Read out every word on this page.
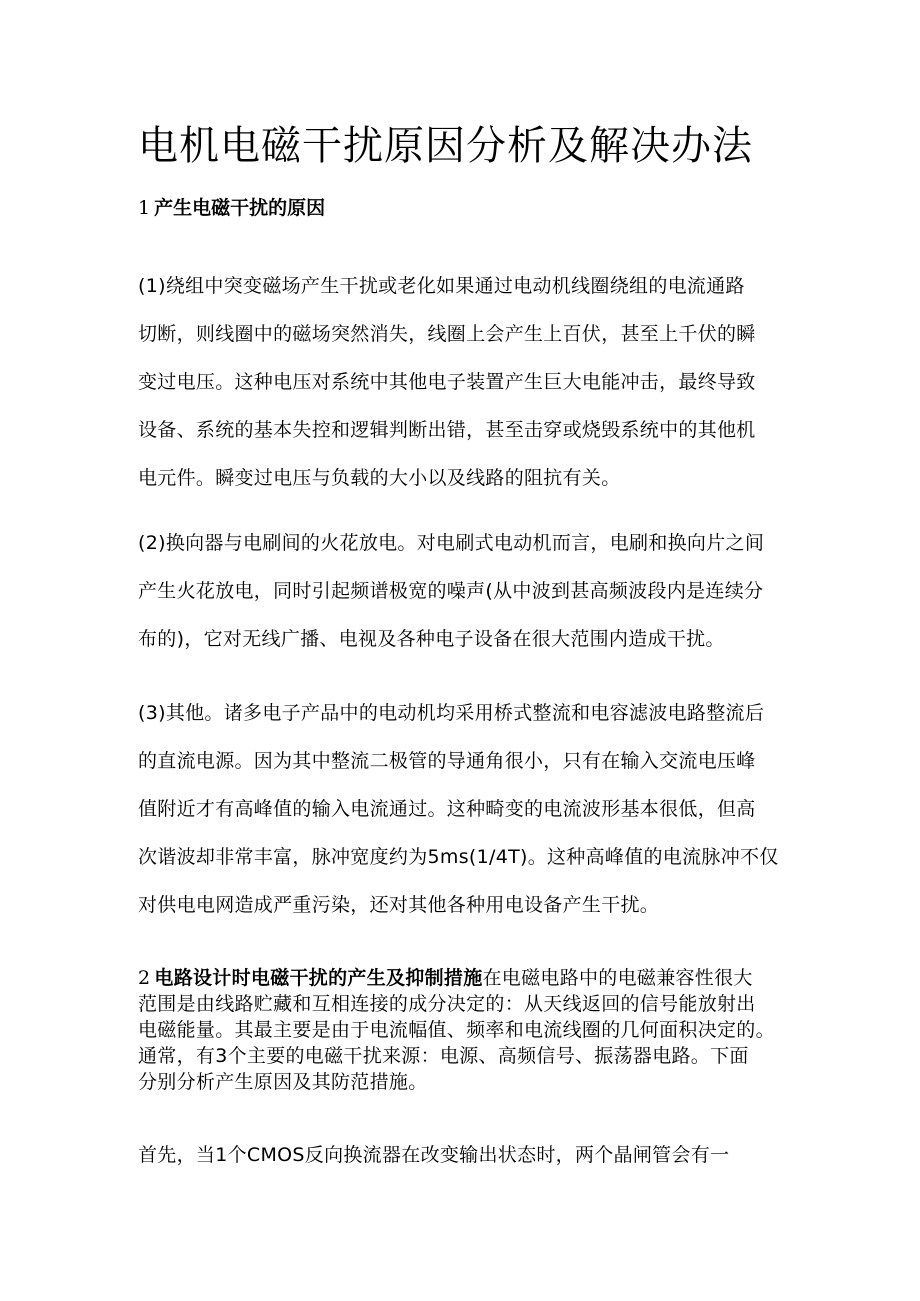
电机电磁干扰原因分析及解决办法
1 产生电磁干扰的原因
(1)绕组中突变磁场产生干扰或老化如果通过电动机线圈绕组的电流通路
切断，则线圈中的磁场突然消失，线圈上会产生上百伏，甚至上千伏的瞬
变过电压。这种电压对系统中其他电子装置产生巨大电能冲击，最终导致
设备、系统的基本失控和逻辑判断出错，甚至击穿或烧毁系统中的其他机
电元件。瞬变过电压与负载的大小以及线路的阻抗有关。
(2)换向器与电刷间的火花放电。对电刷式电动机而言，电刷和换向片之间
产生火花放电，同时引起频谱极宽的噪声(从中波到甚高频波段内是连续分
布的)，它对无线广播、电视及各种电子设备在很大范围内造成干扰。
(3)其他。诸多电子产品中的电动机均采用桥式整流和电容滤波电路整流后
的直流电源。因为其中整流二极管的导通角很小，只有在输入交流电压峰
值附近才有高峰值的输入电流通过。这种畸变的电流波形基本很低，但高
次谐波却非常丰富，脉冲宽度约为5ms(1/4T)。这种高峰值的电流脉冲不仅
对供电电网造成严重污染，还对其他各种用电设备产生干扰。
2 电路设计时电磁干扰的产生及抑制措施在电磁电路中的电磁兼容性很大
范围是由线路贮藏和互相连接的成分决定的：从天线返回的信号能放射出
电磁能量。其最主要是由于电流幅值、频率和电流线圈的几何面积决定的。
通常，有3个主要的电磁干扰来源：电源、高频信号、振荡器电路。下面
分别分析产生原因及其防范措施。
首先，当1个CMOS反向换流器在改变输出状态时，两个晶闸管会有一
